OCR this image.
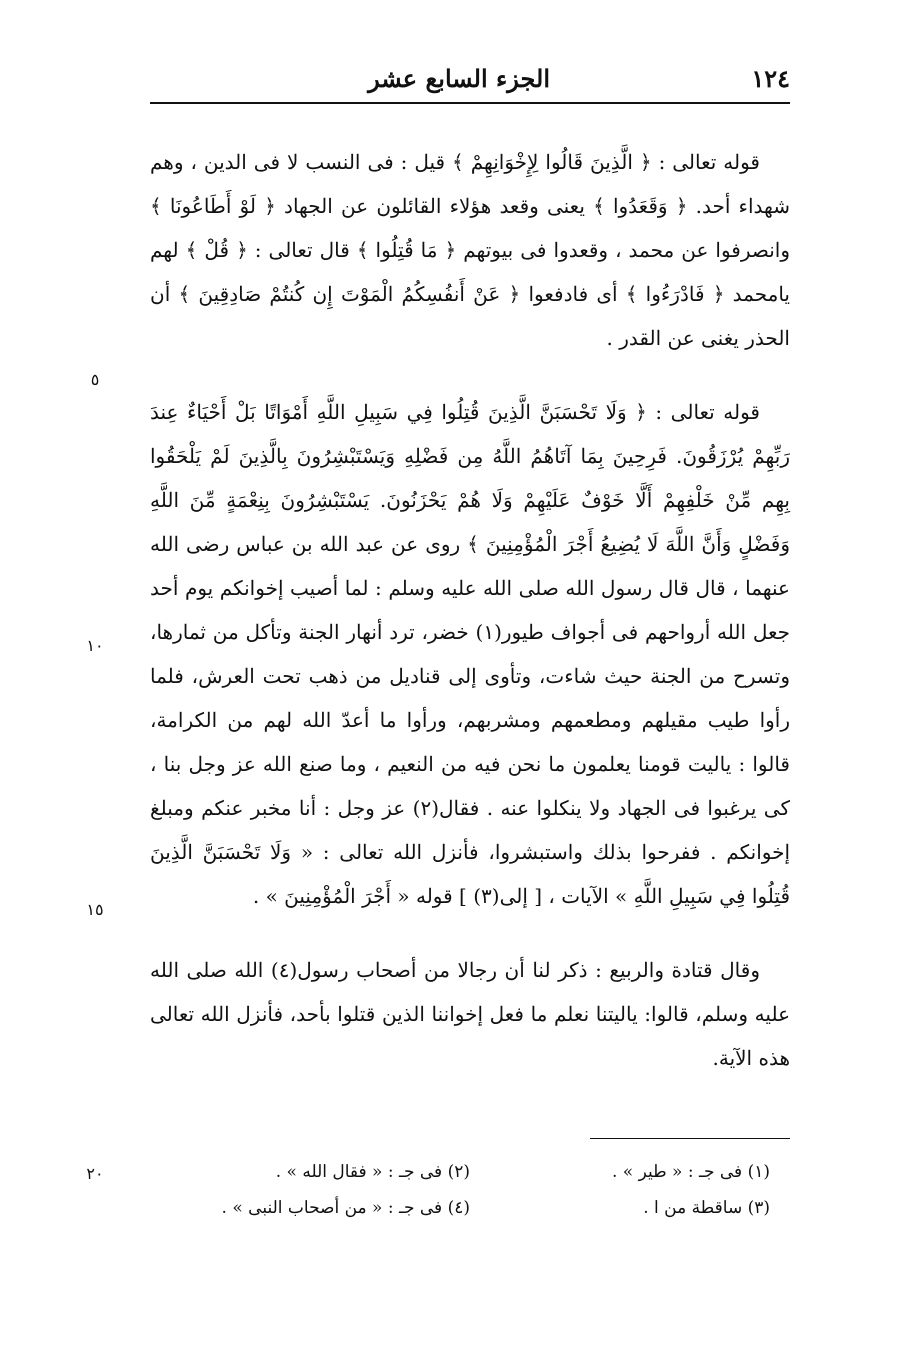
١٢٤
الجزء السابع عشر

قوله تعالى : ﴿ الَّذِينَ قَالُوا لِإِخْوَانِهِمْ ﴾ قيل : فى النسب لا فى الدين ، وهم شهداء أحد. ﴿ وَقَعَدُوا ﴾ يعنى وقعد هؤلاء القائلون عن الجهاد ﴿ لَوْ أَطَاعُونَا ﴾ وانصرفوا عن محمد ، وقعدوا فى بيوتهم ﴿ مَا قُتِلُوا ﴾ قال تعالى : ﴿ قُلْ ﴾ لهم يامحمد ﴿ فَادْرَءُوا ﴾ أى فادفعوا ﴿ عَنْ أَنفُسِكُمُ الْمَوْتَ إِن كُنتُمْ صَادِقِينَ ﴾ أن الحذر يغنى عن القدر .

قوله تعالى : ﴿ وَلَا تَحْسَبَنَّ الَّذِينَ قُتِلُوا فِي سَبِيلِ اللَّهِ أَمْوَاتًا بَلْ أَحْيَاءٌ عِندَ رَبِّهِمْ يُرْزَقُونَ. فَرِحِينَ بِمَا آتَاهُمُ اللَّهُ مِن فَضْلِهِ وَيَسْتَبْشِرُونَ بِالَّذِينَ لَمْ يَلْحَقُوا بِهِم مِّنْ خَلْفِهِمْ أَلَّا خَوْفٌ عَلَيْهِمْ وَلَا هُمْ يَحْزَنُونَ. يَسْتَبْشِرُونَ بِنِعْمَةٍ مِّنَ اللَّهِ وَفَضْلٍ وَأَنَّ اللَّهَ لَا يُضِيعُ أَجْرَ الْمُؤْمِنِينَ ﴾ روى عن عبد الله بن عباس رضى الله عنهما ، قال قال رسول الله صلى الله عليه وسلم : لما أصيب إخوانكم يوم أحد جعل الله أرواحهم فى أجواف طيور(١) خضر، ترد أنهار الجنة وتأكل من ثمارها، وتسرح من الجنة حيث شاءت، وتأوى إلى قناديل من ذهب تحت العرش، فلما رأوا طيب مقيلهم ومطعمهم ومشربهم، ورأوا ما أعدّ الله لهم من الكرامة، قالوا : ياليت قومنا يعلمون ما نحن فيه من النعيم ، وما صنع الله عز وجل بنا ، كى يرغبوا فى الجهاد ولا ينكلوا عنه . فقال(٢) عز وجل : أنا مخبر عنكم ومبلغ إخوانكم . ففرحوا بذلك واستبشروا، فأنزل الله تعالى : « وَلَا تَحْسَبَنَّ الَّذِينَ قُتِلُوا فِي سَبِيلِ اللَّهِ » الآيات ، [ إلى(٣) ] قوله « أَجْرَ الْمُؤْمِنِينَ » .

وقال قتادة والربيع : ذكر لنا أن رجالا من أصحاب رسول(٤) الله صلى الله عليه وسلم، قالوا: ياليتنا نعلم ما فعل إخواننا الذين قتلوا بأحد، فأنزل الله تعالى هذه الآية.

٥
١٠
١٥
٢٠	(١) فى جـ : « طير » .
(٢) فى جـ : « فقال الله » .
(٣) ساقطة من ا .
(٤) فى جـ : « من أصحاب النبى » .
